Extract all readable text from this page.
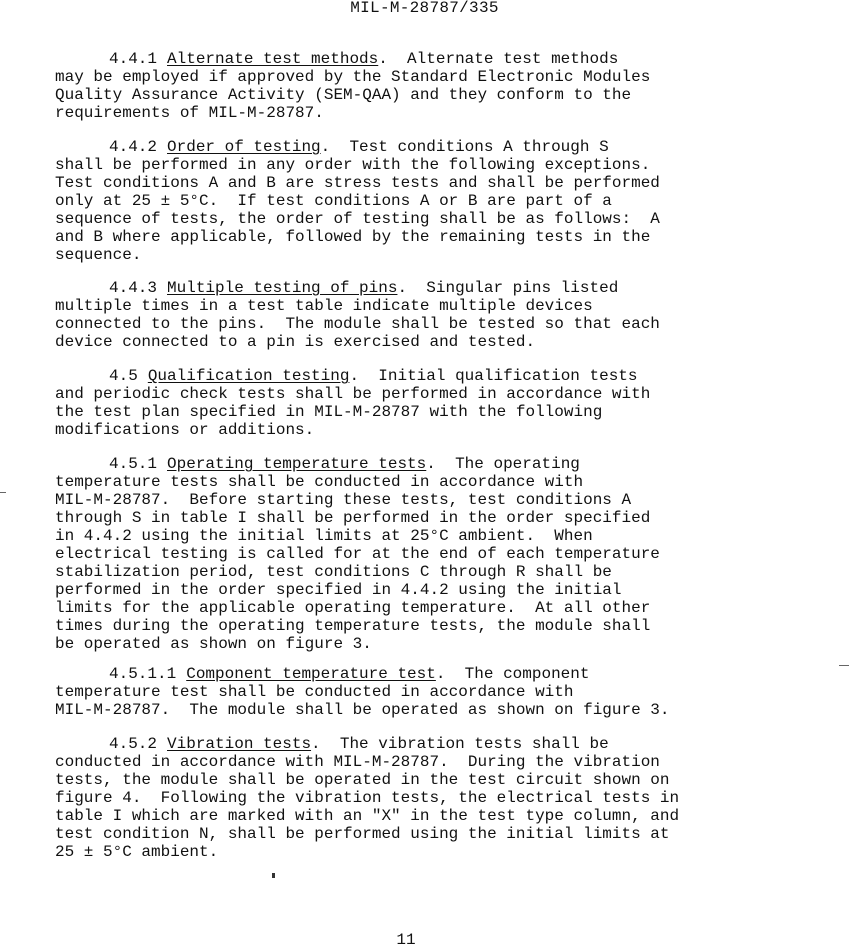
MIL-M-28787/335
4.4.1 Alternate test methods.  Alternate test methods
may be employed if approved by the Standard Electronic Modules
Quality Assurance Activity (SEM-QAA) and they conform to the
requirements of MIL-M-28787.
4.4.2 Order of testing.  Test conditions A through S
shall be performed in any order with the following exceptions.
Test conditions A and B are stress tests and shall be performed
only at 25 ± 5°C.  If test conditions A or B are part of a
sequence of tests, the order of testing shall be as follows:  A
and B where applicable, followed by the remaining tests in the
sequence.
4.4.3 Multiple testing of pins.  Singular pins listed
multiple times in a test table indicate multiple devices
connected to the pins.  The module shall be tested so that each
device connected to a pin is exercised and tested.
4.5 Qualification testing.  Initial qualification tests
and periodic check tests shall be performed in accordance with
the test plan specified in MIL-M-28787 with the following
modifications or additions.
4.5.1 Operating temperature tests.  The operating
temperature tests shall be conducted in accordance with
MIL-M-28787.  Before starting these tests, test conditions A
through S in table I shall be performed in the order specified
in 4.4.2 using the initial limits at 25°C ambient.  When
electrical testing is called for at the end of each temperature
stabilization period, test conditions C through R shall be
performed in the order specified in 4.4.2 using the initial
limits for the applicable operating temperature.  At all other
times during the operating temperature tests, the module shall
be operated as shown on figure 3.
4.5.1.1 Component temperature test.  The component
temperature test shall be conducted in accordance with
MIL-M-28787.  The module shall be operated as shown on figure 3.
4.5.2 Vibration tests.  The vibration tests shall be
conducted in accordance with MIL-M-28787.  During the vibration
tests, the module shall be operated in the test circuit shown on
figure 4.  Following the vibration tests, the electrical tests in
table I which are marked with an "X" in the test type column, and
test condition N, shall be performed using the initial limits at
25 ± 5°C ambient.
11
